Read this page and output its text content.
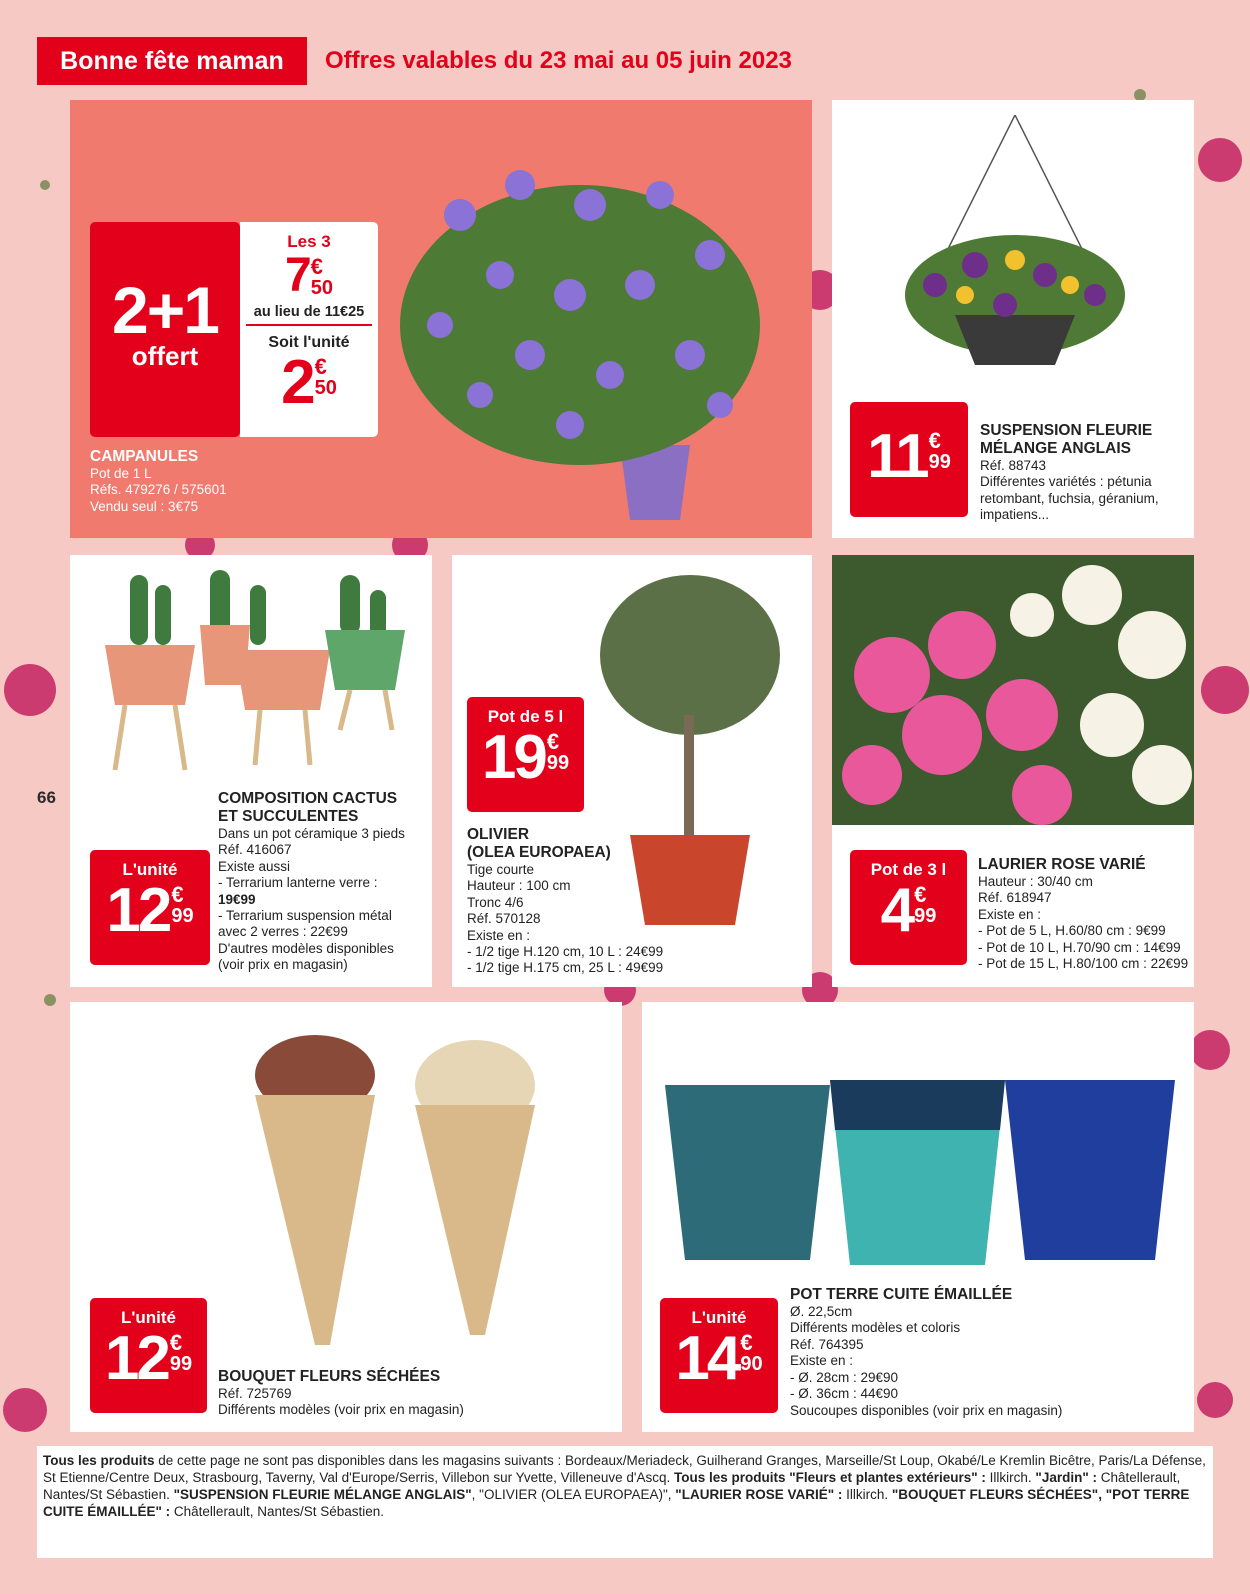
Bonne fête maman	Offres valables du 23 mai au 05 juin 2023
66
2+1
offert
Les 3
7 €
50
au lieu de 11€25
Soit l'unité
2 €
50
CAMPANULES
Pot de 1 L
Réfs. 479276 / 575601
Vendu seul : 3€75
11 €
99
SUSPENSION FLEURIE
MÉLANGE ANGLAIS
Réf. 88743
Différentes variétés : pétunia
retombant, fuchsia, géranium,
impatiens...
L'unité
12 €
99
COMPOSITION CACTUS
ET SUCCULENTES
Dans un pot céramique 3 pieds
Réf. 416067
Existe aussi
- Terrarium lanterne verre :
19€99
- Terrarium suspension métal
avec 2 verres : 22€99
D'autres modèles disponibles
(voir prix en magasin)
Pot de 5 l
19 €
99
OLIVIER
(OLEA EUROPAEA)
Tige courte
Hauteur : 100 cm
Tronc 4/6
Réf. 570128
Existe en :
- 1/2 tige H.120 cm, 10 L : 24€99
- 1/2 tige H.175 cm, 25 L : 49€99
Pot de 3 l
4 €
99
LAURIER ROSE VARIÉ
Hauteur : 30/40 cm
Réf. 618947
Existe en :
- Pot de 5 L, H.60/80 cm : 9€99
- Pot de 10 L, H.70/90 cm : 14€99
- Pot de 15 L, H.80/100 cm : 22€99
L'unité
12 €
99
BOUQUET FLEURS SÉCHÉES
Réf. 725769
Différents modèles (voir prix en magasin)
L'unité
14 €
90
POT TERRE CUITE ÉMAILLÉE
Ø. 22,5cm
Différents modèles et coloris
Réf. 764395
Existe en :
- Ø. 28cm : 29€90
- Ø. 36cm : 44€90
Soucoupes disponibles (voir prix en magasin)
Tous les produits de cette page ne sont pas disponibles dans les magasins suivants : Bordeaux/Meriadeck, Guilherand Granges, Marseille/St Loup, Okabé/Le Kremlin Bicêtre, Paris/La Défense, St Etienne/Centre Deux, Strasbourg, Taverny, Val d'Europe/Serris, Villebon sur Yvette, Villeneuve d'Ascq. Tous les produits "Fleurs et plantes extérieurs" : Illkirch. "Jardin" : Châtellerault, Nantes/St Sébastien. "SUSPENSION FLEURIE MÉLANGE ANGLAIS", "OLIVIER (OLEA EUROPAEA)", "LAURIER ROSE VARIÉ" : Illkirch. "BOUQUET FLEURS SÉCHÉES", "POT TERRE CUITE ÉMAILLÉE" : Châtellerault, Nantes/St Sébastien.
